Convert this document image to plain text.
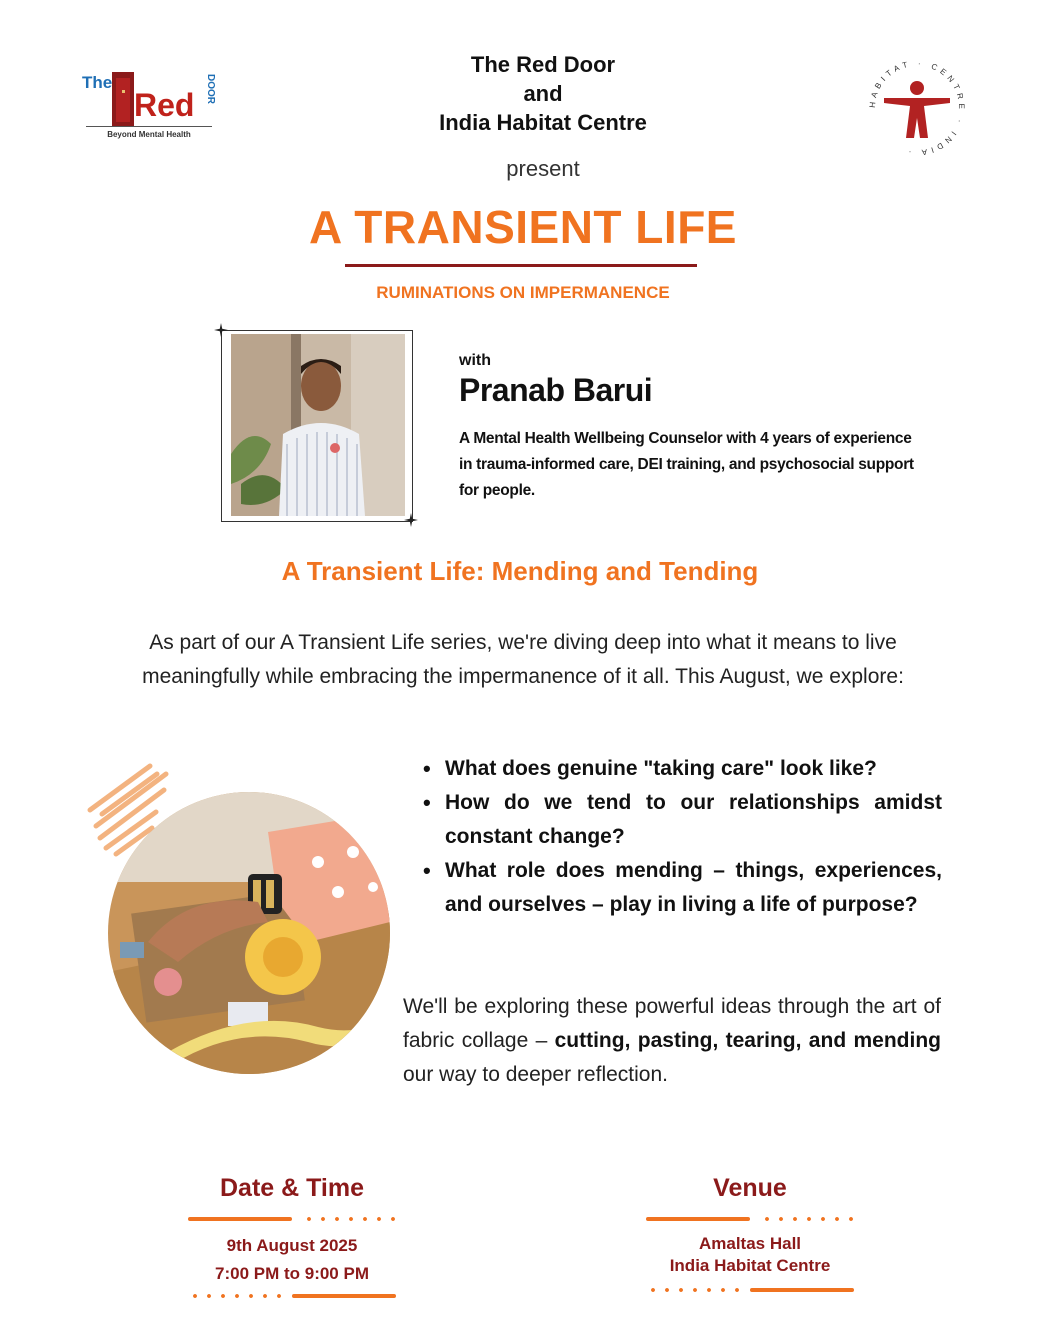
The
Red DOOR
Beyond Mental Health
HABITAT · CENTRE · INDIA ·
The Red Door
and
India Habitat Centre
present
A TRANSIENT LIFE
RUMINATIONS ON IMPERMANENCE
with
Pranab Barui
A Mental Health Wellbeing Counselor with 4 years of experience in trauma-informed care, DEI training, and psychosocial support for people.
A Transient Life: Mending and Tending
As part of our A Transient Life series, we're diving deep into what it means to live meaningfully while embracing the impermanence of it all. This August, we explore:
• What does genuine "taking care" look like?
• How do we tend to our relationships amidst constant change?
• What role does mending – things, experiences, and ourselves – play in living a life of purpose?
We'll be exploring these powerful ideas through the art of fabric collage – cutting, pasting, tearing, and mending our way to deeper reflection.
Date & Time
9th August 2025
7:00 PM to 9:00 PM
Venue
Amaltas Hall
India Habitat Centre
